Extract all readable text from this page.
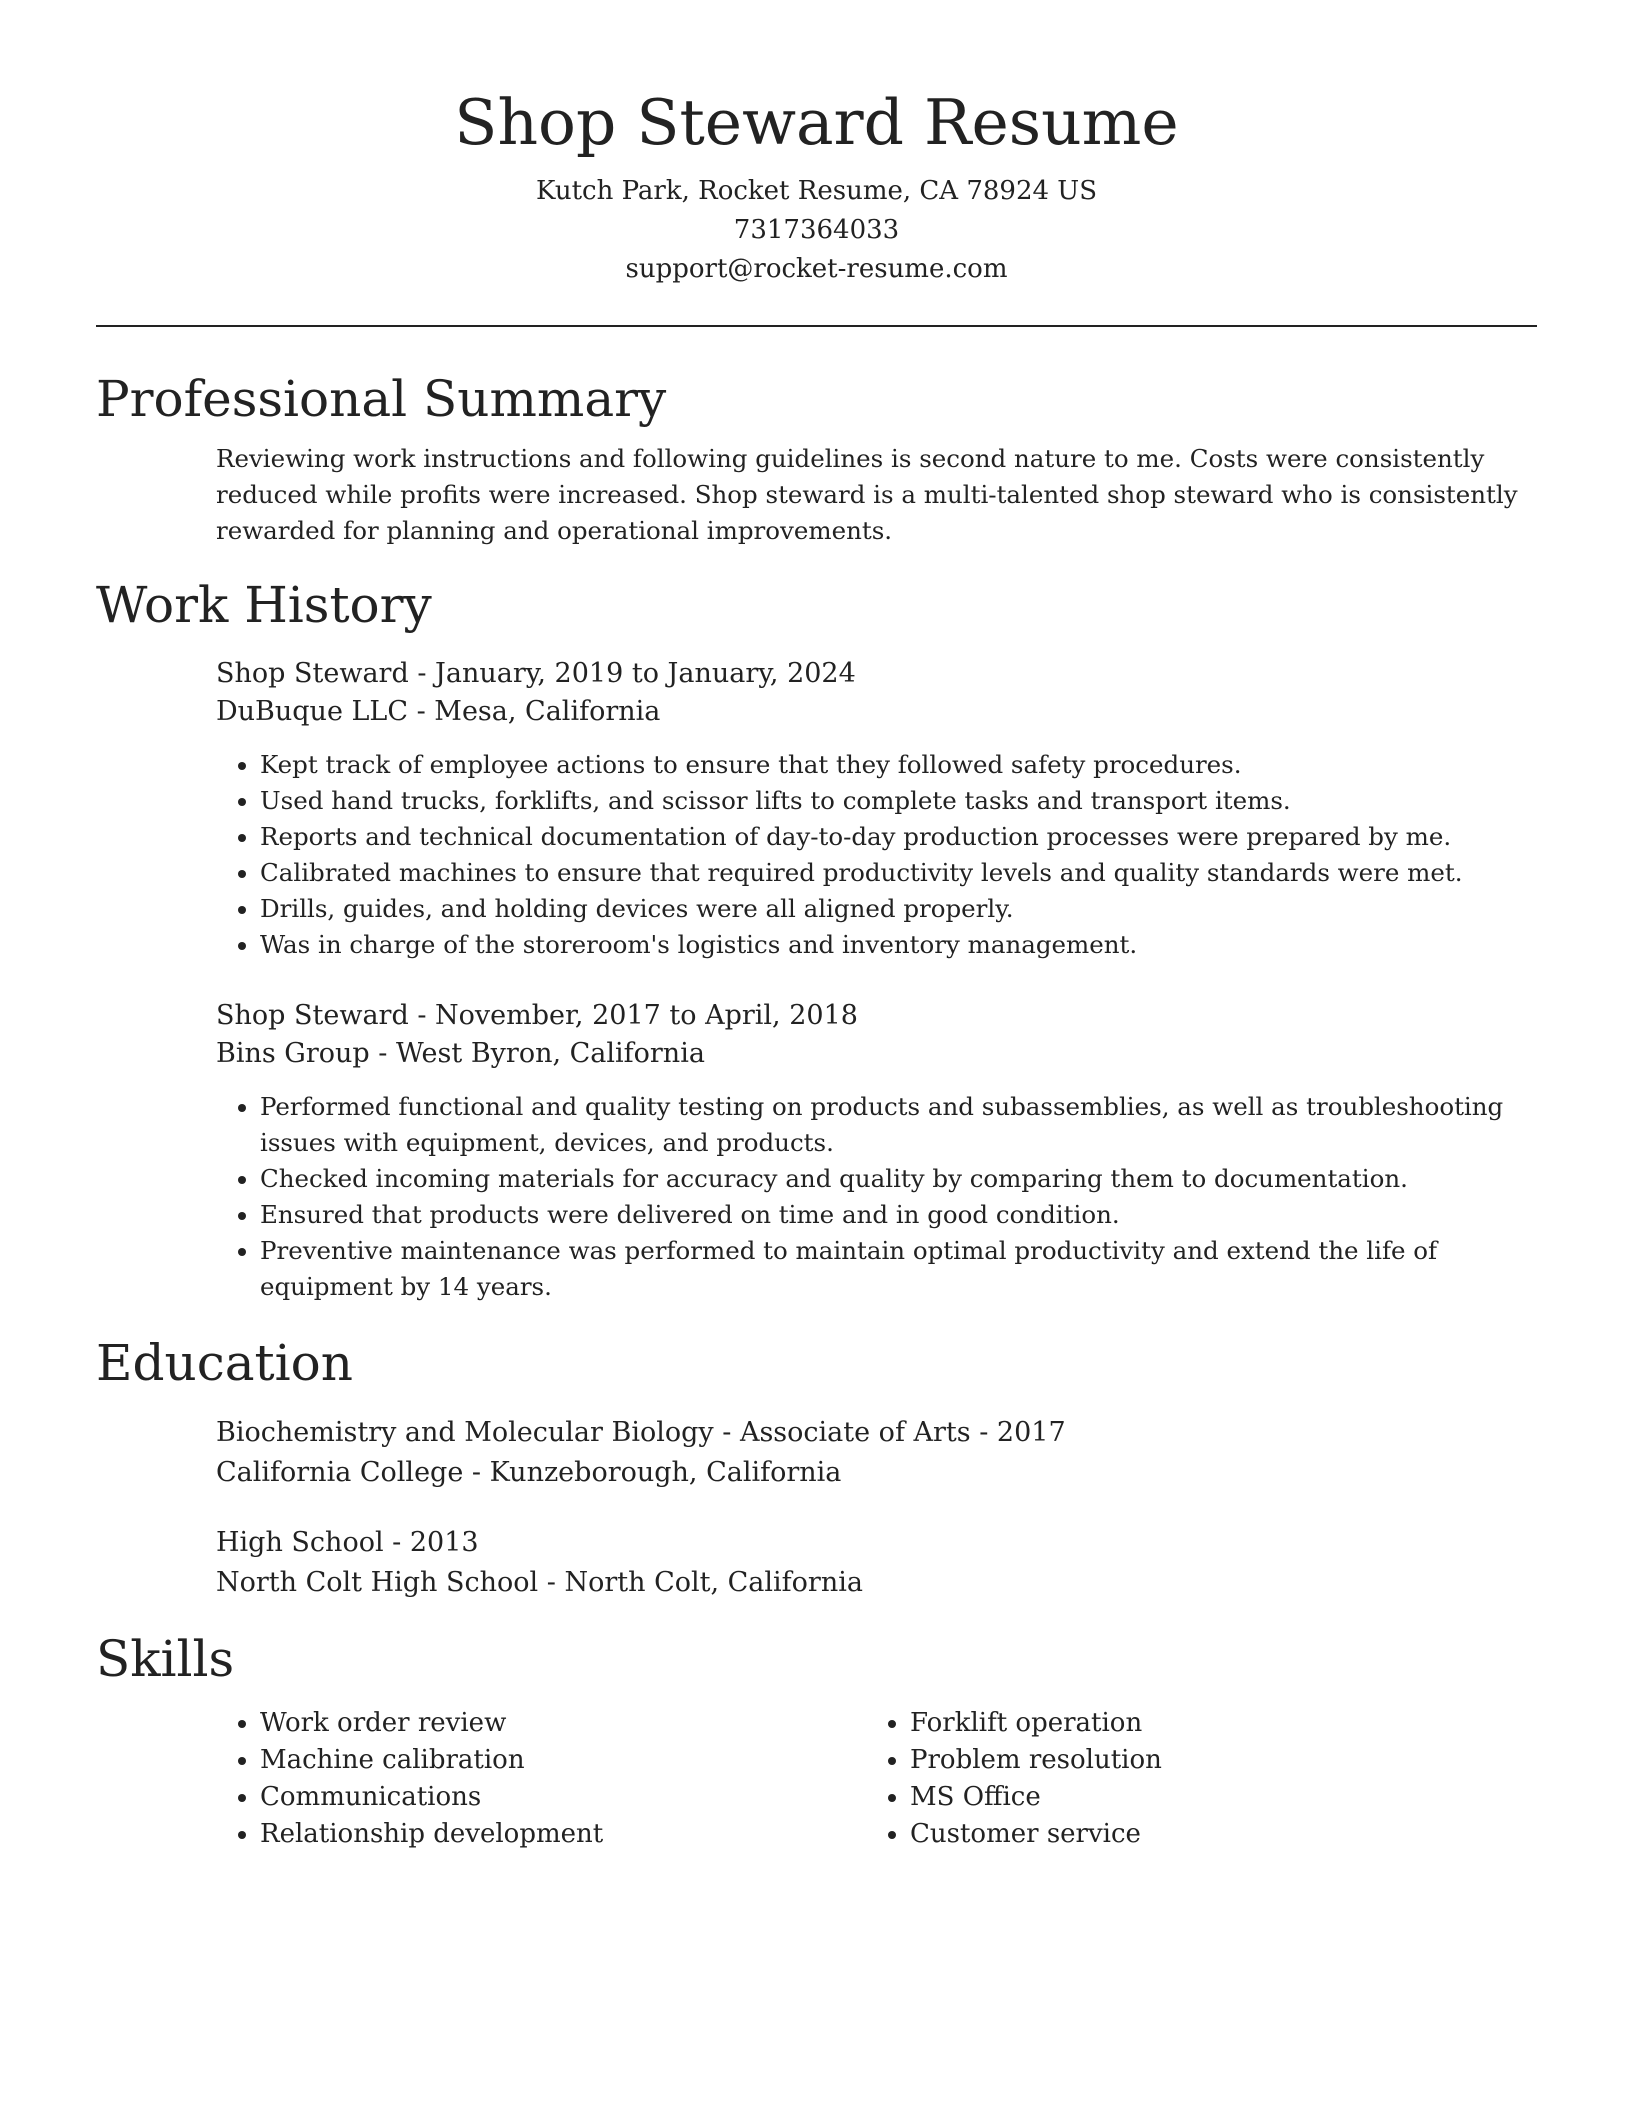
Shop Steward Resume
Kutch Park, Rocket Resume, CA 78924 US
7317364033
support@rocket-resume.com
Professional Summary

Reviewing work instructions and following guidelines is second nature to me. Costs were consistently reduced while profits were increased. Shop steward is a multi-talented shop steward who is consistently rewarded for planning and operational improvements.

Work History
Shop Steward - January, 2019 to January, 2024
DuBuque LLC - Mesa, California
• Kept track of employee actions to ensure that they followed safety procedures.
• Used hand trucks, forklifts, and scissor lifts to complete tasks and transport items.
• Reports and technical documentation of day-to-day production processes were prepared by me.
• Calibrated machines to ensure that required productivity levels and quality standards were met.
• Drills, guides, and holding devices were all aligned properly.
• Was in charge of the storeroom's logistics and inventory management.
Shop Steward - November, 2017 to April, 2018
Bins Group - West Byron, California
• Performed functional and quality testing on products and subassemblies, as well as troubleshooting issues with equipment, devices, and products.
• Checked incoming materials for accuracy and quality by comparing them to documentation.
• Ensured that products were delivered on time and in good condition.
• Preventive maintenance was performed to maintain optimal productivity and extend the life of equipment by 14 years.
Education
Biochemistry and Molecular Biology - Associate of Arts - 2017
California College - Kunzeborough, California
High School - 2013
North Colt High School - North Colt, California
Skills
• Work order review
• Machine calibration
• Communications
• Relationship development
• Forklift operation
• Problem resolution
• MS Office
• Customer service
